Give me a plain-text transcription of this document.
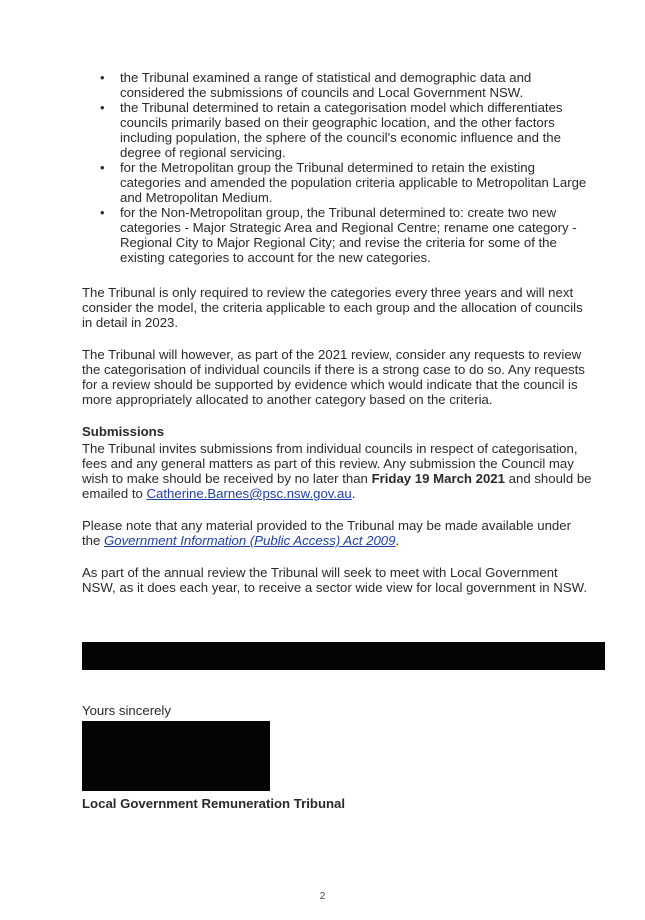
• the Tribunal examined a range of statistical and demographic data and considered the submissions of councils and Local Government NSW.
• the Tribunal determined to retain a categorisation model which differentiates councils primarily based on their geographic location, and the other factors including population, the sphere of the council's economic influence and the degree of regional servicing.
• for the Metropolitan group the Tribunal determined to retain the existing categories and amended the population criteria applicable to Metropolitan Large and Metropolitan Medium.
• for the Non-Metropolitan group, the Tribunal determined to: create two new categories - Major Strategic Area and Regional Centre; rename one category - Regional City to Major Regional City; and revise the criteria for some of the existing categories to account for the new categories.

The Tribunal is only required to review the categories every three years and will next consider the model, the criteria applicable to each group and the allocation of councils in detail in 2023.

The Tribunal will however, as part of the 2021 review, consider any requests to review the categorisation of individual councils if there is a strong case to do so. Any requests for a review should be supported by evidence which would indicate that the council is more appropriately allocated to another category based on the criteria.

Submissions

The Tribunal invites submissions from individual councils in respect of categorisation, fees and any general matters as part of this review. Any submission the Council may wish to make should be received by no later than Friday 19 March 2021 and should be emailed to Catherine.Barnes@psc.nsw.gov.au.

Please note that any material provided to the Tribunal may be made available under the Government Information (Public Access) Act 2009.

As part of the annual review the Tribunal will seek to meet with Local Government NSW, as it does each year, to receive a sector wide view for local government in NSW.

Yours sincerely
Local Government Remuneration Tribunal
2
